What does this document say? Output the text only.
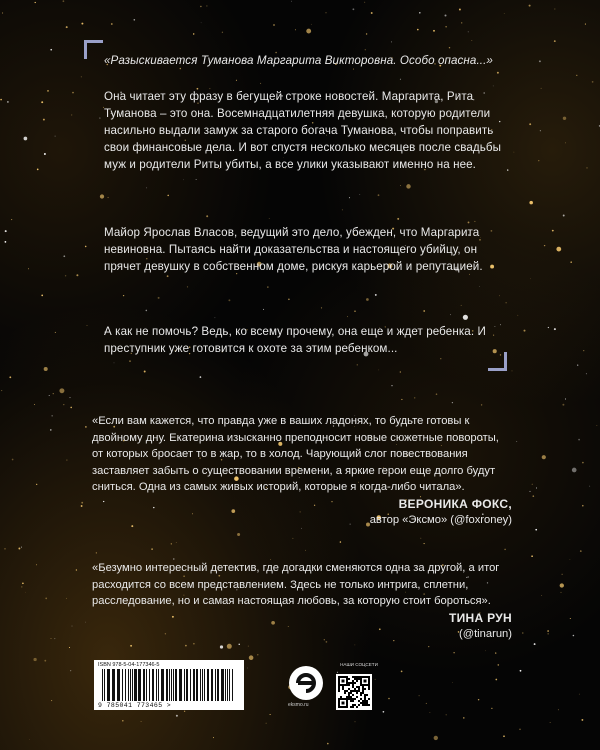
«Разыскивается Туманова Маргарита Викторовна. Особо опасна...»

Она читает эту фразу в бегущей строке новостей. Маргарита, Рита Туманова – это она. Восемнадцатилетняя девушка, которую родители насильно выдали замуж за старого богача Туманова, чтобы поправить свои финансовые дела. И вот спустя несколько месяцев после свадьбы муж и родители Риты убиты, а все улики указывают именно на нее.

Майор Ярослав Власов, ведущий это дело, убежден, что Маргарита невиновна. Пытаясь найти доказательства и настоящего убийцу, он прячет девушку в собственном доме, рискуя карьерой и репутацией.

А как не помочь? Ведь, ко всему прочему, она еще и ждет ребенка. И преступник уже готовится к охоте за этим ребенком...

«Если вам кажется, что правда уже в ваших ладонях, то будьте готовы к двойному дну. Екатерина изысканно преподносит новые сюжетные повороты, от которых бросает то в жар, то в холод. Чарующий слог повествования заставляет забыть о существовании времени, а яркие герои еще долго будут сниться. Одна из самых живых историй, которые я когда-либо читала».

ВЕРОНИКА ФОКС,
автор «Эксмо» (@foxroney)

«Безумно интересный детектив, где догадки сменяются одна за другой, а итог расходится со всем представлением. Здесь не только интрига, сплетни, расследование, но и самая настоящая любовь, за которую стоит бороться».

ТИНА РУН
(@tinarun)
ISBN 978-5-04-177346-5
9 785041 773465 >	eksmo.ru
НАШИ СОЦСЕТИ
